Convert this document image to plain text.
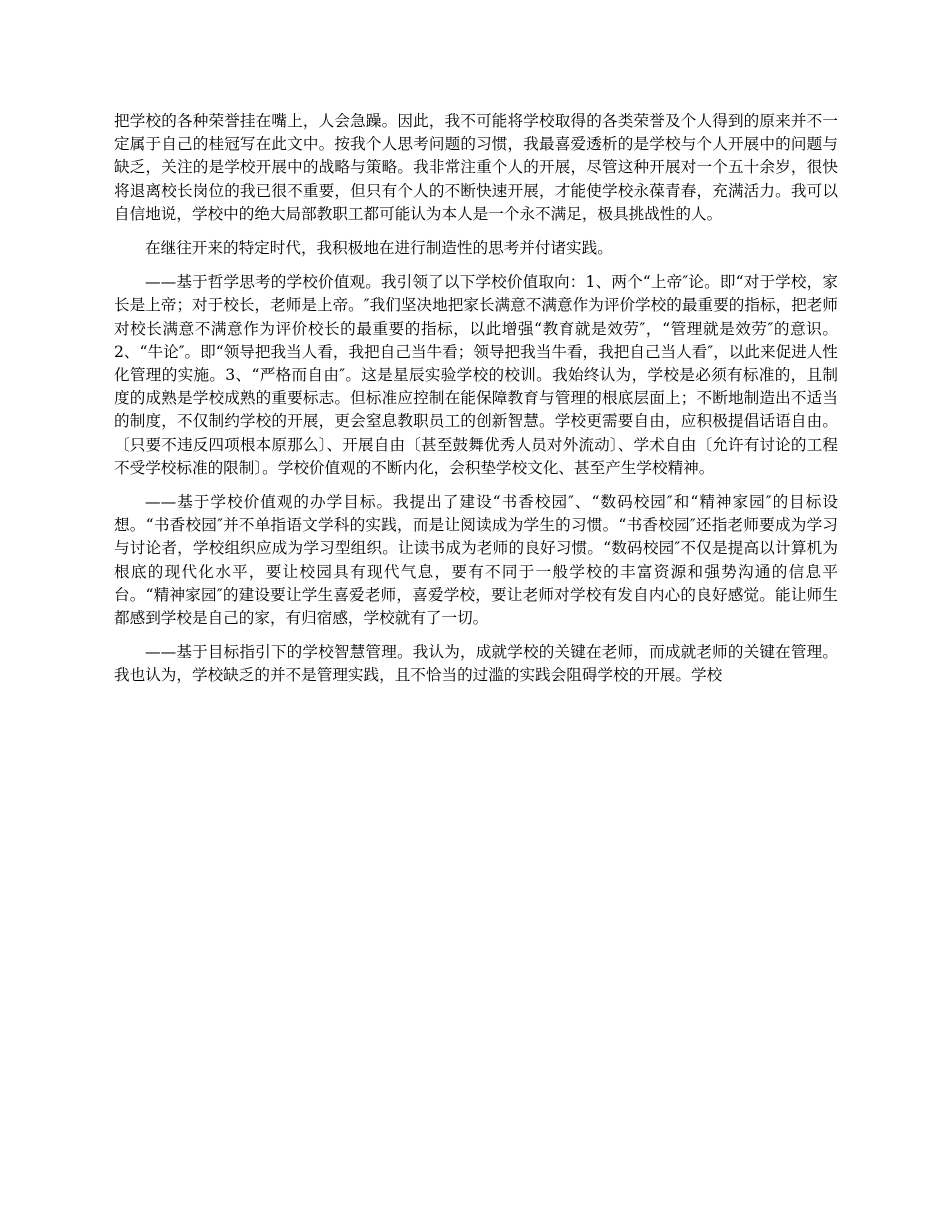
把学校的各种荣誉挂在嘴上，人会急躁。因此，我不可能将学校取得的各类荣誉及个人得到的原来并不一定属于自己的桂冠写在此文中。按我个人思考问题的习惯，我最喜爱透析的是学校与个人开展中的问题与缺乏，关注的是学校开展中的战略与策略。我非常注重个人的开展，尽管这种开展对一个五十余岁，很快将退离校长岗位的我已很不重要，但只有个人的不断快速开展，才能使学校永葆青春，充满活力。我可以自信地说，学校中的绝大局部教职工都可能认为本人是一个永不满足，极具挑战性的人。

在继往开来的特定时代，我积极地在进行制造性的思考并付诸实践。

——基于哲学思考的学校价值观。我引领了以下学校价值取向：1、两个“上帝″论。即“对于学校，家长是上帝；对于校长，老师是上帝。″我们坚决地把家长满意不满意作为评价学校的最重要的指标，把老师对校长满意不满意作为评价校长的最重要的指标，以此增强“教育就是效劳″，“管理就是效劳″的意识。2、“牛论″。即“领导把我当人看，我把自己当牛看；领导把我当牛看，我把自己当人看″，以此来促进人性化管理的实施。3、“严格而自由″。这是星辰实验学校的校训。我始终认为，学校是必须有标准的，且制度的成熟是学校成熟的重要标志。但标准应控制在能保障教育与管理的根底层面上；不断地制造出不适当的制度，不仅制约学校的开展，更会窒息教职员工的创新智慧。学校更需要自由，应积极提倡话语自由。〔只要不违反四项根本原那么〕、开展自由〔甚至鼓舞优秀人员对外流动〕、学术自由〔允许有讨论的工程不受学校标准的限制〕。学校价值观的不断内化，会积垫学校文化、甚至产生学校精神。

——基于学校价值观的办学目标。我提出了建设“书香校园″、“数码校园″和“精神家园″的目标设想。“书香校园″并不单指语文学科的实践，而是让阅读成为学生的习惯。“书香校园″还指老师要成为学习与讨论者，学校组织应成为学习型组织。让读书成为老师的良好习惯。“数码校园″不仅是提高以计算机为根底的现代化水平，要让校园具有现代气息，要有不同于一般学校的丰富资源和强势沟通的信息平台。“精神家园″的建设要让学生喜爱老师，喜爱学校，要让老师对学校有发自内心的良好感觉。能让师生都感到学校是自己的家，有归宿感，学校就有了一切。

——基于目标指引下的学校智慧管理。我认为，成就学校的关键在老师，而成就老师的关键在管理。我也认为，学校缺乏的并不是管理实践，且不恰当的过滥的实践会阻碍学校的开展。学校
